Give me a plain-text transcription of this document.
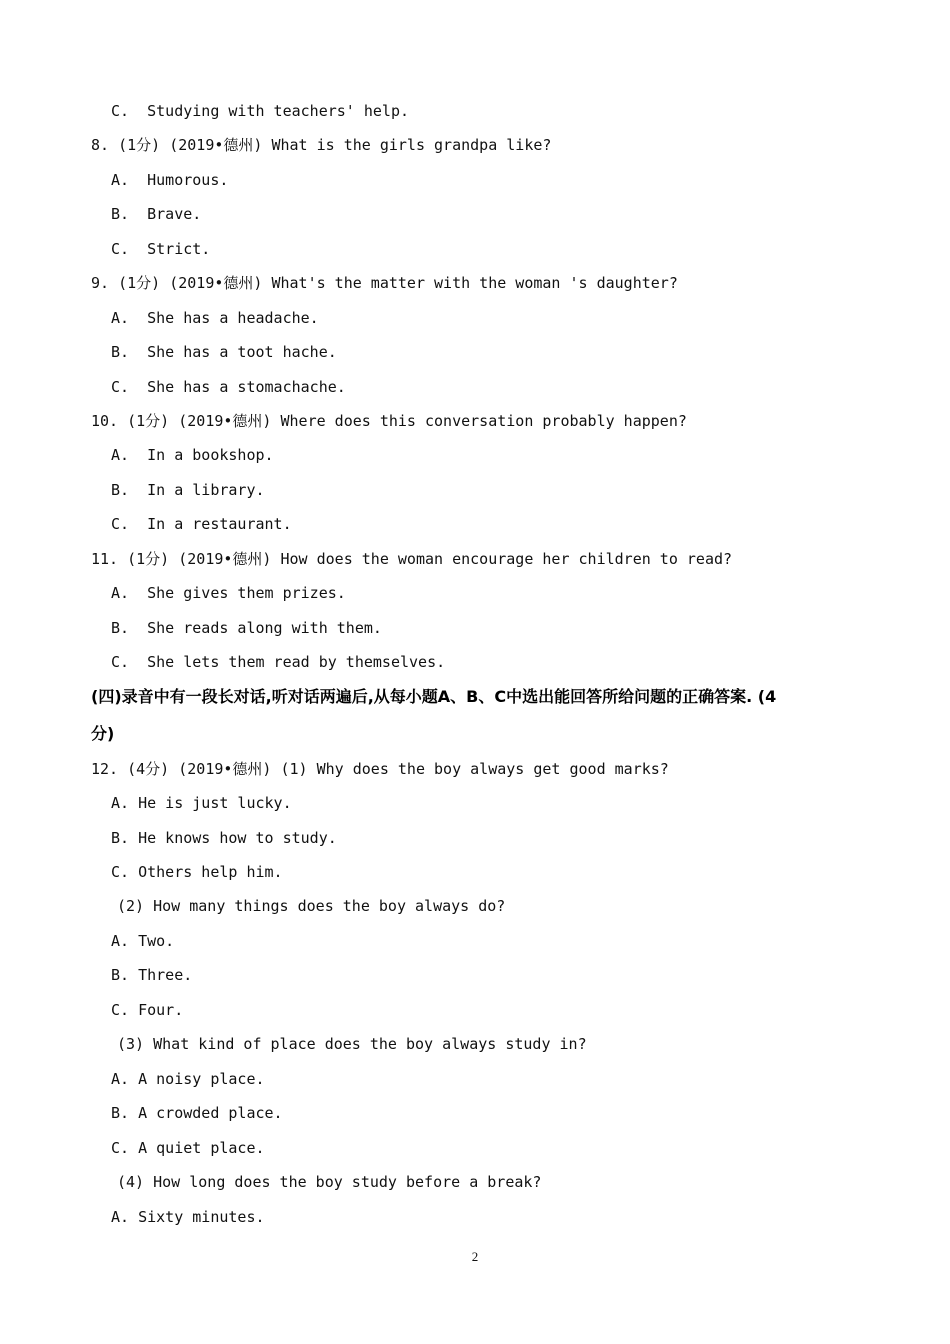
C.  Studying with teachers' help.
8. (1分) (2019•德州) What is the girls grandpa like?
A.  Humorous.
B.  Brave.
C.  Strict.
9. (1分) (2019•德州) What's the matter with the woman 's daughter?
A.  She has a headache.
B.  She has a toot hache.
C.  She has a stomachache.
10. (1分) (2019•德州) Where does this conversation probably happen?
A.  In a bookshop.
B.  In a library.
C.  In a restaurant.
11. (1分) (2019•德州) How does the woman encourage her children to read?
A.  She gives them prizes.
B.  She reads along with them.
C.  She lets them read by themselves.
(四)录音中有一段长对话,听对话两遍后,从每小题A、B、C中选出能回答所给问题的正确答案. (4
分)
12. (4分) (2019•德州) (1) Why does the boy always get good marks?
A. He is just lucky.
B. He knows how to study.
C. Others help him.
(2) How many things does the boy always do?
A. Two.
B. Three.
C. Four.
(3) What kind of place does the boy always study in?
A. A noisy place.
B. A crowded place.
C. A quiet place.
(4) How long does the boy study before a break?
A. Sixty minutes.
2
